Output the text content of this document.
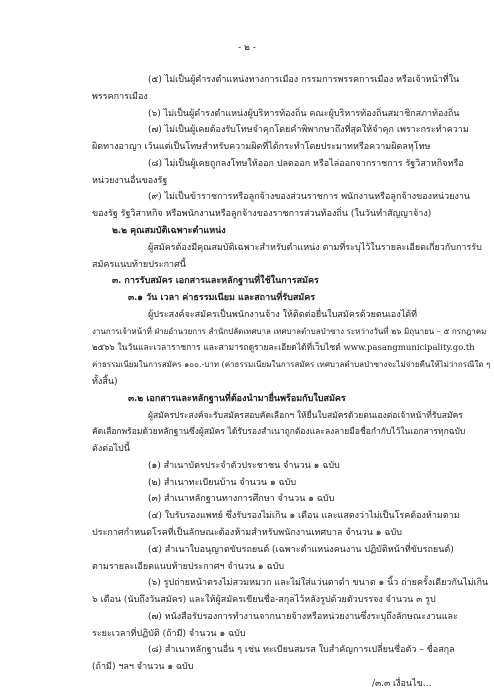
- ๒ -
(๕) ไม่เป็นผู้ดำรงตำแหน่งทางการเมือง กรรมการพรรคการเมือง หรือเจ้าหน้าที่ใน
พรรคการเมือง
(๖) ไม่เป็นผู้ดำรงตำแหน่งผู้บริหารท้องถิ่น คณะผู้บริหารท้องถิ่นสมาชิกสภาท้องถิ่น
(๗) ไม่เป็นผู้เคยต้องรับโทษจำคุกโดยคำพิพากษาถึงที่สุดให้จำคุก เพราะกระทำความ
ผิดทางอาญา เว้นแต่เป็นโทษสำหรับความผิดที่ได้กระทำโดยประมาทหรือความผิดลหุโทษ
(๘) ไม่เป็นผู้เคยถูกลงโทษให้ออก ปลดออก หรือไล่ออกจากราชการ รัฐวิสาหกิจหรือ
หน่วยงานอื่นของรัฐ
(๙) ไม่เป็นข้าราชการหรือลูกจ้างของส่วนราชการ พนักงานหรือลูกจ้างของหน่วยงาน
ของรัฐ รัฐวิสาหกิจ หรือพนักงานหรือลูกจ้างของราชการส่วนท้องถิ่น (ในวันทำสัญญาจ้าง)
๒.๒ คุณสมบัติเฉพาะตำแหน่ง
ผู้สมัครต้องมีคุณสมบัติเฉพาะสำหรับตำแหน่ง ตามที่ระบุไว้ในรายละเอียดเกี่ยวกับการรับ
สมัครแนบท้ายประกาศนี้
๓. การรับสมัคร เอกสารและหลักฐานที่ใช้ในการสมัคร
๓.๑ วัน เวลา ค่าธรรมเนียม และสถานที่รับสมัคร
ผู้ประสงค์จะสมัครเป็นพนักงานจ้าง ให้ติดต่อยื่นใบสมัครด้วยตนเองได้ที่
งานการเจ้าหน้าที่ ฝ่ายอำนวยการ สำนักปลัดเทศบาล เทศบาลตำบลป่าซาง ระหว่างวันที่ ๒๖ มิถุนายน – ๕ กรกฎาคม
๒๕๖๖ ในวันและเวลาราชการ และสามารถดูรายละเอียดได้ที่เว็บไซต์ www.pasangmunicipality.go.th
ค่าธรรมเนียมในการสมัคร ๑๐๐.-บาท (ค่าธรรมเนียมในการสมัคร เทศบาลตำบลป่าซางจะไม่จ่ายคืนให้ไม่ว่ากรณีใด ๆ
ทั้งสิ้น)
๓.๒ เอกสารและหลักฐานที่ต้องนำมายื่นพร้อมกับใบสมัคร
ผู้สมัครประสงค์จะรับสมัครสอบคัดเลือกฯ ให้ยื่นใบสมัครด้วยตนเองต่อเจ้าหน้าที่รับสมัคร
คัดเลือกพร้อมด้วยหลักฐานซึ่งผู้สมัคร ได้รับรองสำเนาถูกต้องและลงลายมือชื่อกำกับไว้ในเอกสารทุกฉบับ
ดังต่อไปนี้
(๑) สำเนาบัตรประจำตัวประชาชน จำนวน ๑ ฉบับ
(๒) สำเนาทะเบียนบ้าน จำนวน ๑ ฉบับ
(๓) สำเนาหลักฐานทางการศึกษา จำนวน ๑ ฉบับ
(๔) ใบรับรองแพทย์ ซึ่งรับรองไม่เกิน ๑ เดือน และแสดงว่าไม่เป็นโรคต้องห้ามตาม
ประกาศกำหนดโรคที่เป็นลักษณะต้องห้ามสำหรับพนักงานเทศบาล จำนวน ๑ ฉบับ
(๕) สำเนาใบอนุญาตขับรถยนต์ (เฉพาะตำแหน่งคนงาน ปฏิบัติหน้าที่ขับรถยนต์)
ตามรายละเอียดแนบท้ายประกาศฯ จำนวน ๑ ฉบับ
(๖) รูปถ่ายหน้าตรงไม่สวมหมวก และไม่ใส่แว่นตาดำ ขนาด ๑ นิ้ว ถ่ายครั้งเดียวกันไม่เกิน
๖ เดือน (นับถึงวันสมัคร) และให้ผู้สมัครเขียนชื่อ-สกุลไว้หลังรูปด้วยตัวบรรจง จำนวน ๓ รูป
(๗) หนังสือรับรองการทำงานจากนายจ้างหรือหน่วยงานซึ่งระบุถึงลักษณะงานและ
ระยะเวลาที่ปฏิบัติ (ถ้ามี) จำนวน ๑ ฉบับ
(๘) สำเนาหลักฐานอื่น ๆ เช่น ทะเบียนสมรส ใบสำคัญการเปลี่ยนชื่อตัว – ชื่อสกุล
(ถ้ามี) ฯลฯ จำนวน ๑ ฉบับ
/๓.๓ เงื่อนไข...
